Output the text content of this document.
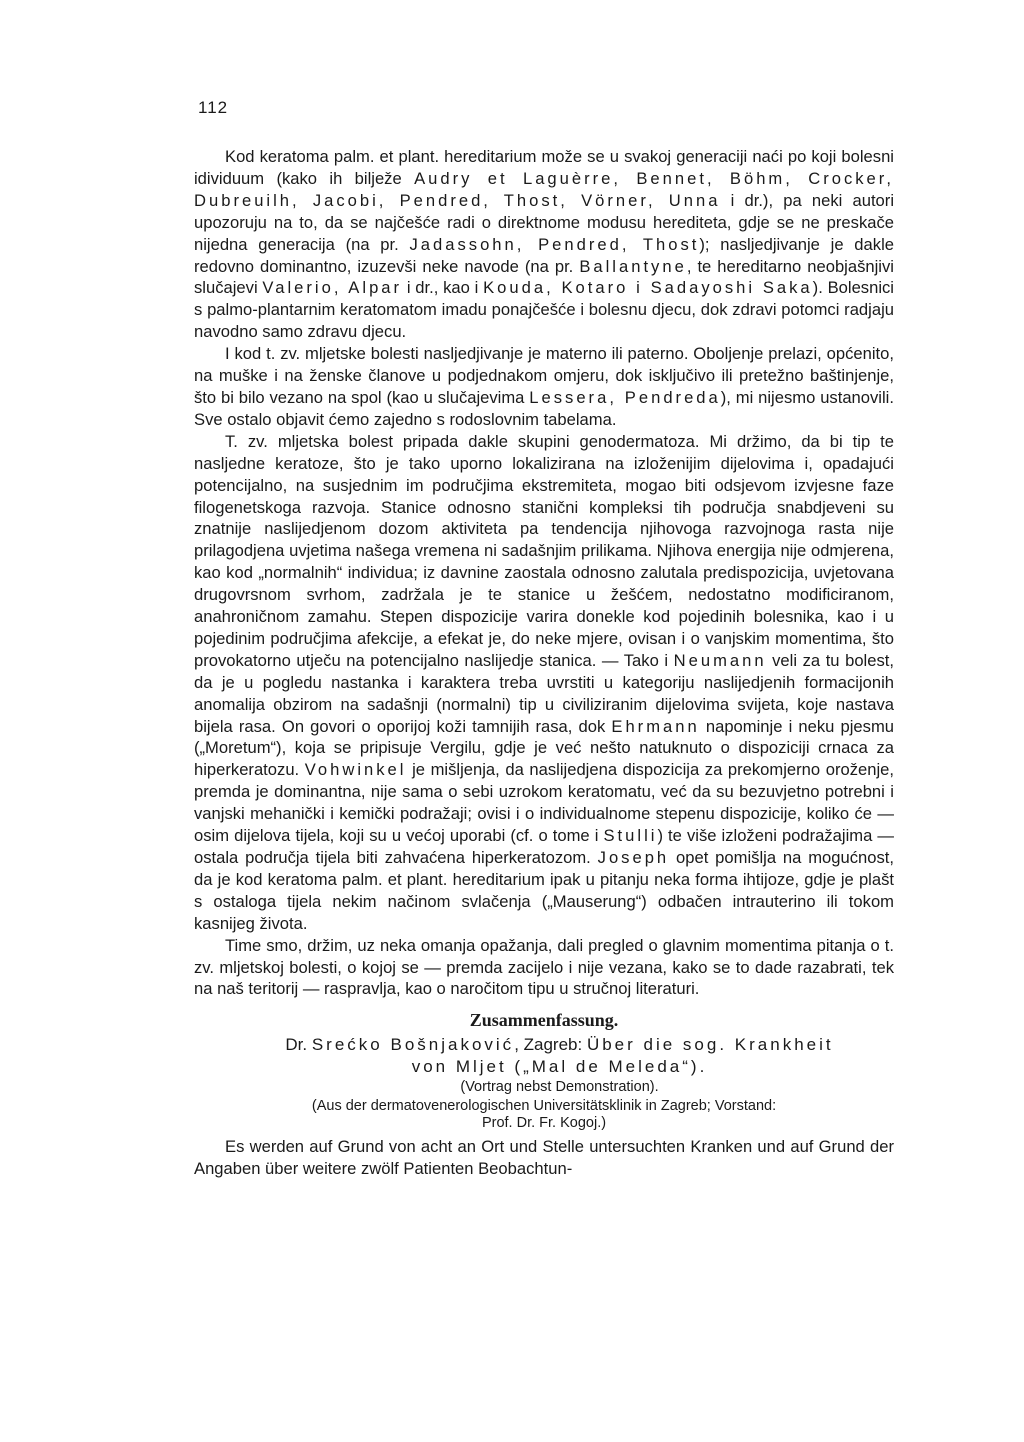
112

Kod keratoma palm. et plant. hereditarium može se u svakoj generaciji naći po koji bolesni idividuum (kako ih bilježe Audry et Laguèrre, Bennet, Böhm, Crocker, Dubreuilh, Jacobi, Pendred, Thost, Vörner, Unna i dr.), pa neki autori upozoruju na to, da se najčešće radi o direktnome modusu herediteta, gdje se ne preskače nijedna generacija (na pr. Jadassohn, Pendred, Thost); nasljedjivanje je dakle redovno dominantno, izuzevši neke navode (na pr. Ballantyne, te hereditarno neobjašnjivi slučajevi Valerio, Alpar i dr., kao i Kouda, Kotaro i Sadayoshi Saka). Bolesnici s palmo-plantarnim keratomatom imadu ponajčešće i bolesnu djecu, dok zdravi potomci radjaju navodno samo zdravu djecu.

I kod t. zv. mljetske bolesti nasljedjivanje je materno ili paterno. Oboljenje prelazi, općenito, na muške i na ženske članove u podjednakom omjeru, dok isključivo ili pretežno baštinjenje, što bi bilo vezano na spol (kao u slučajevima Lessera, Pendreda), mi nijesmo ustanovili. Sve ostalo objavit ćemo zajedno s rodoslovnim tabelama.

T. zv. mljetska bolest pripada dakle skupini genodermatoza. Mi držimo, da bi tip te nasljedne keratoze, što je tako uporno lokalizirana na izloženijim dijelovima i, opadajući potencijalno, na susjednim im područjima ekstremiteta, mogao biti odsjevom izvjesne faze filogenetskoga razvoja. Stanice odnosno stanični kompleksi tih područja snabdjeveni su znatnije naslijedjenom dozom aktiviteta pa tendencija njihovoga razvojnoga rasta nije prilagodjena uvjetima našega vremena ni sadašnjim prilikama. Njihova energija nije odmjerena, kao kod „normalnih“ individua; iz davnine zaostala odnosno zalutala predispozicija, uvjetovana drugovrsnom svrhom, zadržala je te stanice u žešćem, nedostatno modificiranom, anahroničnom zamahu. Stepen dispozicije varira donekle kod pojedinih bolesnika, kao i u pojedinim područjima afekcije, a efekat je, do neke mjere, ovisan i o vanjskim momentima, što provokatorno utječu na potencijalno naslijedje stanica. — Tako i Neumann veli za tu bolest, da je u pogledu nastanka i karaktera treba uvrstiti u kategoriju naslijedjenih formacijonih anomalija obzirom na sadašnji (normalni) tip u civiliziranim dijelovima svijeta, koje nastava bijela rasa. On govori o oporijoj koži tamnijih rasa, dok Ehrmann napominje i neku pjesmu („Moretum“), koja se pripisuje Vergilu, gdje je već nešto natuknuto o dispoziciji crnaca za hiperkeratozu. Vohwinkel je mišljenja, da naslijedjena dispozicija za prekomjerno oroženje, premda je dominantna, nije sama o sebi uzrokom keratomatu, već da su bezuvjetno potrebni i vanjski mehanički i kemički podražaji; ovisi i o individualnome stepenu dispozicije, koliko će — osim dijelova tijela, koji su u većoj uporabi (cf. o tome i Stulli) te više izloženi podražajima — ostala područja tijela biti zahvaćena hiperkeratozom. Joseph opet pomišlja na mogućnost, da je kod keratoma palm. et plant. hereditarium ipak u pitanju neka forma ihtijoze, gdje je plašt s ostaloga tijela nekim načinom svlačenja („Mauserung“) odbačen intrauterino ili tokom kasnijeg života.

Time smo, držim, uz neka omanja opažanja, dali pregled o glavnim momentima pitanja o t. zv. mljetskoj bolesti, o kojoj se — premda zacijelo i nije vezana, kako se to dade razabrati, tek na naš teritorij — raspravlja, kao o naročitom tipu u stručnoj literaturi.

Zusammenfassung.

Dr. Srećko Bošnjaković, Zagreb: Über die sog. Krankheit

von Mljet („Mal de Meleda“).

(Vortrag nebst Demonstration).

(Aus der dermatovenerologischen Universitätsklinik in Zagreb; Vorstand:
Prof. Dr. Fr. Kogoj.)

Es werden auf Grund von acht an Ort und Stelle untersuchten Kranken und auf Grund der Angaben über weitere zwölf Patienten Beobachtun-
